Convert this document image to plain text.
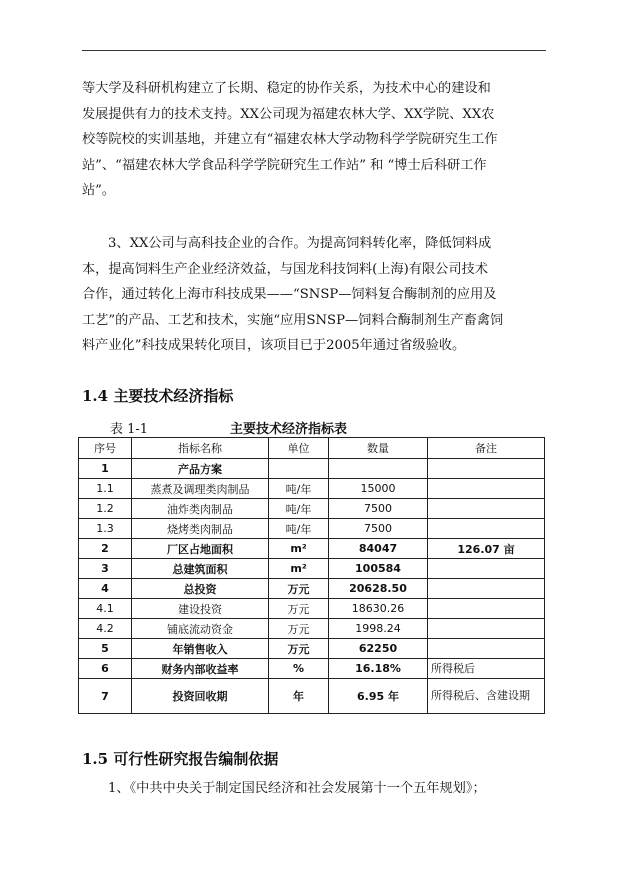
等大学及科研机构建立了长期、稳定的协作关系，为技术中心的建设和
发展提供有力的技术支持。XX公司现为福建农林大学、XX学院、XX农
校等院校的实训基地，并建立有“福建农林大学动物科学学院研究生工作
站”、“福建农林大学食品科学学院研究生工作站” 和 “博士后科研工作
站”。
3、XX公司与高科技企业的合作。为提高饲料转化率，降低饲料成
本，提高饲料生产企业经济效益，与国龙科技饲料(上海)有限公司技术
合作，通过转化上海市科技成果——“SNSP—饲料复合酶制剂的应用及
工艺”的产品、工艺和技术，实施“应用SNSP—饲料合酶制剂生产畜禽饲
料产业化”科技成果转化项目，该项目已于2005年通过省级验收。
1.4 主要技术经济指标
表 1-1	主要技术经济指标表
序号	指标名称	单位	数量	备注
1	产品方案			
1.1	蒸煮及调理类肉制品	吨/年	15000	
1.2	油炸类肉制品	吨/年	7500	
1.3	烧烤类肉制品	吨/年	7500	
2	厂区占地面积	m²	84047	126.07 亩
3	总建筑面积	m²	100584	
4	总投资	万元	20628.50	
4.1	建设投资	万元	18630.26	
4.2	铺底流动资金	万元	1998.24	
5	年销售收入	万元	62250	
6	财务内部收益率	%	16.18%	所得税后
7	投资回收期	年	6.95 年	所得税后、含建设期
1.5 可行性研究报告编制依据
1、《中共中央关于制定国民经济和社会发展第十一个五年规划》；
